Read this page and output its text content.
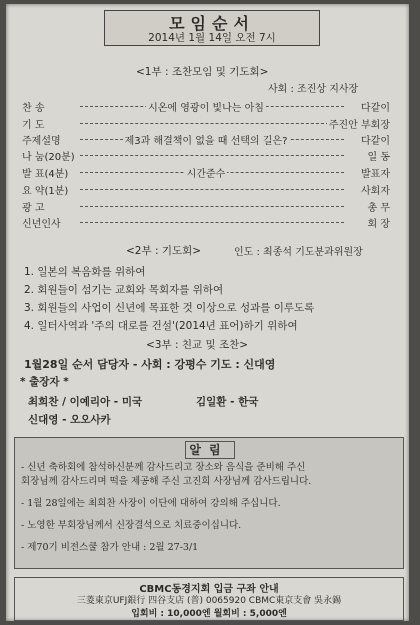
모임순서
2014년 1월 14일 오전 7시
<1부 : 조찬모임 및 기도회>
사회 : 조진상 지사장
찬 송	시온에 영광이 빛나는 아침	다같이
기 도	주진안 부회장
주제설명	제3과 해결책이 없을 때 선택의 길은?	다같이
나 눔(20분)	일 동
발 표(4분)	시간준수	발표자
요 약(1분)	사회자
광 고	총 무
신년인사	회 장
<2부 : 기도회>	인도 : 최종석 기도분과위원장
1. 일본의 복음화를 위하여
2. 회원들이 섬기는 교회와 목회자를 위하여
3. 회원들의 사업이 신년에 목표한 것 이상으로 성과를 이루도록
4. 일터사역과 '주의 대로를 건설'(2014년 표어)하기 위하여
<3부 : 친교 및 조찬>
1월28일 순서 담당자 - 사회 : 강평수 기도 : 신대영
* 출장자 *
최희찬 / 이예리아 - 미국	김일환 - 한국
신대영 - 오오사카
알림
- 신년 축하회에 참석하신분께 감사드리고 장소와 음식을 준비해 주신
회장님께 감사드리며 떡을 제공해 주신 고진희 사장님께 감사드립니다.
- 1월 28일에는 최희찬 사장이 이단에 대하여 강의해 주십니다.
- 노영한 부회장님께서 신장결석으로 치료중이십니다.
- 제70기 비전스쿨 참가 안내 : 2월 27-3/1
CBMC동경지회 입금 구좌 안내
三菱東京UFJ銀行 四谷支店 (普) 0065920 CBMC東京支會 吳永錫
입회비 : 10,000엔 월회비 : 5,000엔
